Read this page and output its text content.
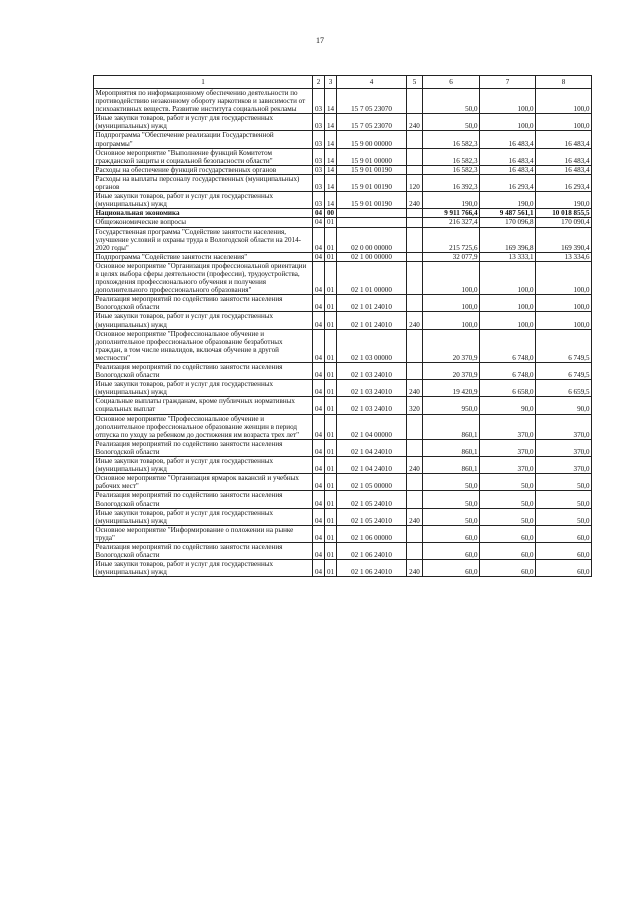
17
1	2	3	4	5	6	7	8
Мероприятия по информационному обеспечению деятельности по противодействию незаконному обороту наркотиков и зависимости от психоактивных веществ. Развитие института социальной рекламы	03	14	15 7 05 23070		50,0	100,0	100,0
Иные закупки товаров, работ и услуг для государственных (муниципальных) нужд	03	14	15 7 05 23070	240	50,0	100,0	100,0
Подпрограмма "Обеспечение реализации Государственной программы"	03	14	15 9 00 00000		16 582,3	16 483,4	16 483,4
Основное мероприятие "Выполнение функций Комитетом гражданской защиты и социальной безопасности области"	03	14	15 9 01 00000		16 582,3	16 483,4	16 483,4
Расходы на обеспечение функций государственных органов	03	14	15 9 01 00190		16 582,3	16 483,4	16 483,4
Расходы на выплаты персоналу государственных (муниципальных) органов	03	14	15 9 01 00190	120	16 392,3	16 293,4	16 293,4
Иные закупки товаров, работ и услуг для государственных (муниципальных) нужд	03	14	15 9 01 00190	240	190,0	190,0	190,0
Национальная экономика	04	00			9 911 766,4	9 487 561,1	10 018 855,5
Общеэкономические вопросы	04	01			216 327,4	170 096,8	170 090,4
Государственная программа "Содействие занятости населения, улучшение условий и охраны труда в Вологодской области на 2014-2020 годы"	04	01	02 0 00 00000		215 725,6	169 396,8	169 390,4
Подпрограмма "Содействие занятости населения"	04	01	02 1 00 00000		32 077,9	13 333,1	13 334,6
Основное мероприятие "Организация профессиональной ориентации в целях выбора сферы деятельности (профессии), трудоустройства, прохождения профессионального обучения и получения дополнительного профессионального образования"	04	01	02 1 01 00000		100,0	100,0	100,0
Реализация мероприятий по содействию занятости населения Вологодской области	04	01	02 1 01 24010		100,0	100,0	100,0
Иные закупки товаров, работ и услуг для государственных (муниципальных) нужд	04	01	02 1 01 24010	240	100,0	100,0	100,0
Основное мероприятие "Профессиональное обучение и дополнительное профессиональное образование безработных граждан, в том числе инвалидов, включая обучение в другой местности"	04	01	02 1 03 00000		20 370,9	6 748,0	6 749,5
Реализация мероприятий по содействию занятости населения Вологодской области	04	01	02 1 03 24010		20 370,9	6 748,0	6 749,5
Иные закупки товаров, работ и услуг для государственных (муниципальных) нужд	04	01	02 1 03 24010	240	19 420,9	6 658,0	6 659,5
Социальные выплаты гражданам, кроме публичных нормативных социальных выплат	04	01	02 1 03 24010	320	950,0	90,0	90,0
Основное мероприятие "Профессиональное обучение и дополнительное профессиональное образование женщин в период отпуска по уходу за ребенком до достижения им возраста трех лет"	04	01	02 1 04 00000		860,1	370,0	370,0
Реализация мероприятий по содействию занятости населения Вологодской области	04	01	02 1 04 24010		860,1	370,0	370,0
Иные закупки товаров, работ и услуг для государственных (муниципальных) нужд	04	01	02 1 04 24010	240	860,1	370,0	370,0
Основное мероприятие "Организация ярмарок вакансий и учебных рабочих мест"	04	01	02 1 05 00000		50,0	50,0	50,0
Реализация мероприятий по содействию занятости населения Вологодской области	04	01	02 1 05 24010		50,0	50,0	50,0
Иные закупки товаров, работ и услуг для государственных (муниципальных) нужд	04	01	02 1 05 24010	240	50,0	50,0	50,0
Основное мероприятие "Информирование о положении на рынке труда"	04	01	02 1 06 00000		60,0	60,0	60,0
Реализация мероприятий по содействию занятости населения Вологодской области	04	01	02 1 06 24010		60,0	60,0	60,0
Иные закупки товаров, работ и услуг для государственных (муниципальных) нужд	04	01	02 1 06 24010	240	60,0	60,0	60,0
